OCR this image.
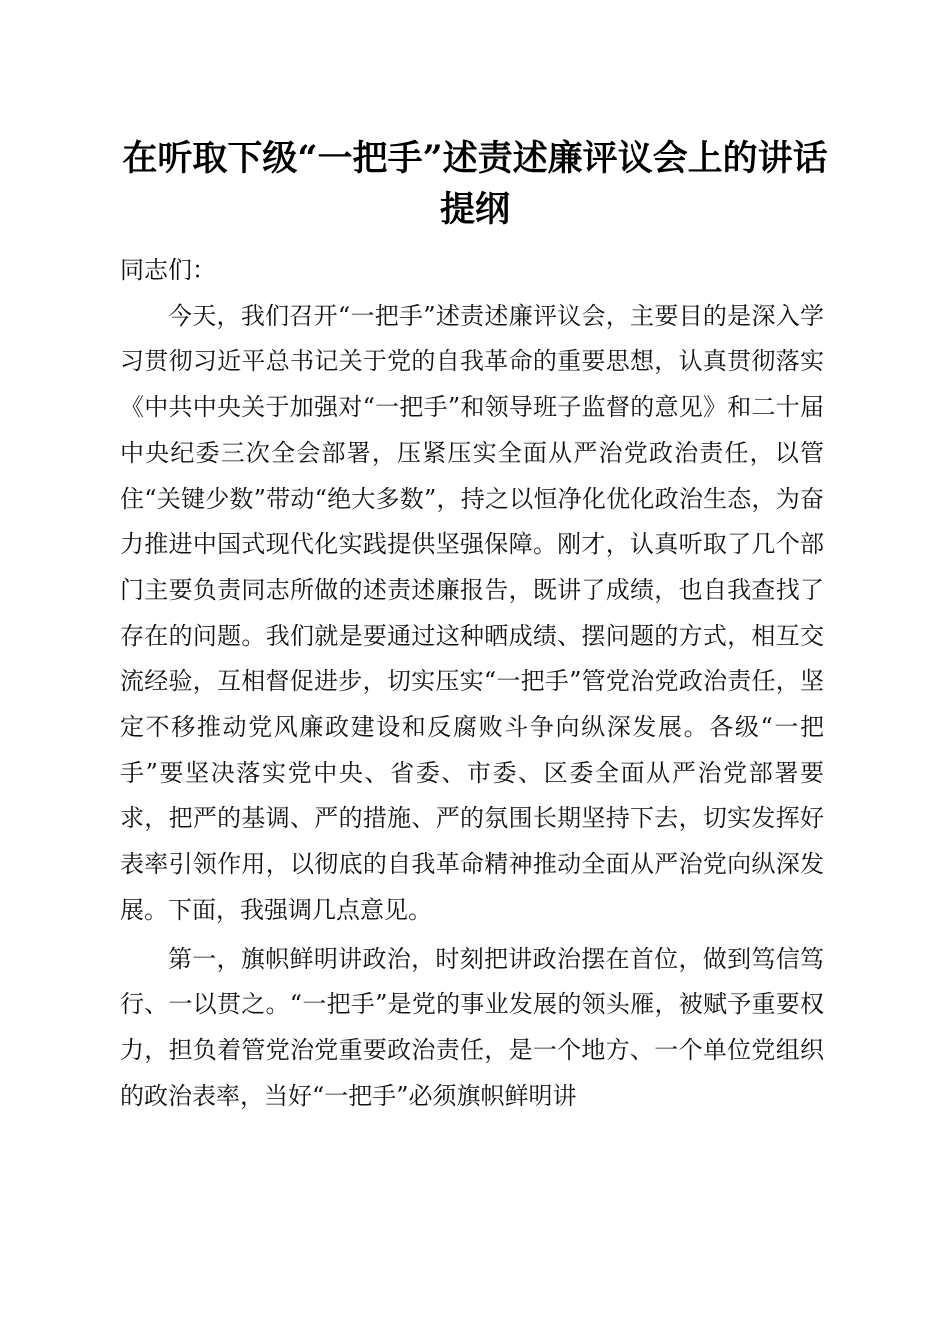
在听取下级“一把手”述责述廉评议会上的讲话提纲

同志们：

今天，我们召开“一把手”述责述廉评议会，主要目的是深入学习贯彻习近平总书记关于党的自我革命的重要思想，认真贯彻落实《中共中央关于加强对“一把手”和领导班子监督的意见》和二十届中央纪委三次全会部署，压紧压实全面从严治党政治责任，以管住“关键少数”带动“绝大多数”，持之以恒净化优化政治生态，为奋力推进中国式现代化实践提供坚强保障。刚才，认真听取了几个部门主要负责同志所做的述责述廉报告，既讲了成绩，也自我查找了存在的问题。我们就是要通过这种晒成绩、摆问题的方式，相互交流经验，互相督促进步，切实压实“一把手”管党治党政治责任，坚定不移推动党风廉政建设和反腐败斗争向纵深发展。各级“一把手”要坚决落实党中央、省委、市委、区委全面从严治党部署要求，把严的基调、严的措施、严的氛围长期坚持下去，切实发挥好表率引领作用，以彻底的自我革命精神推动全面从严治党向纵深发展。下面，我强调几点意见。

第一，旗帜鲜明讲政治，时刻把讲政治摆在首位，做到笃信笃行、一以贯之。“一把手”是党的事业发展的领头雁，被赋予重要权力，担负着管党治党重要政治责任，是一个地方、一个单位党组织的政治表率，当好“一把手”必须旗帜鲜明讲
